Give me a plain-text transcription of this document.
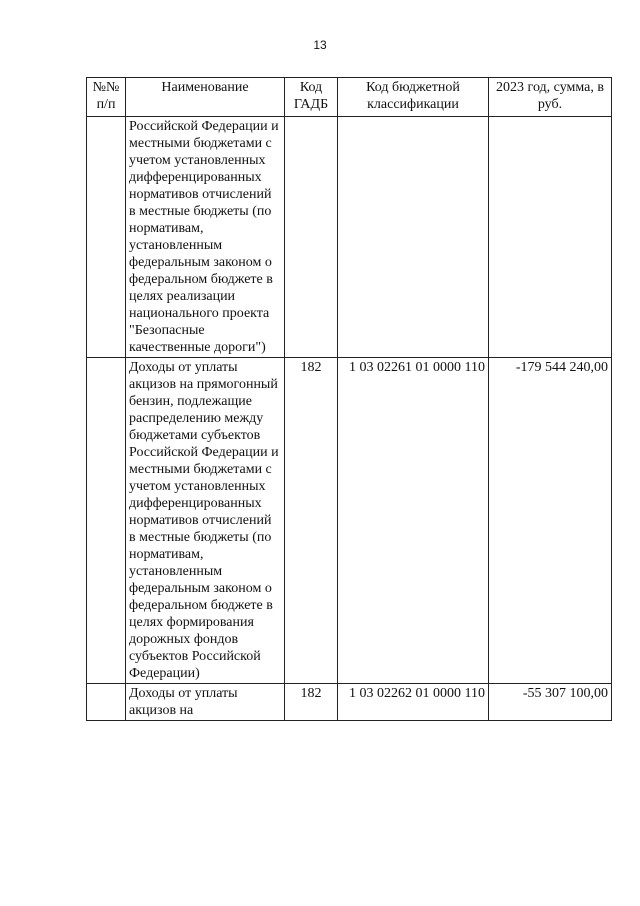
13
№№ п/п	Наименование	Код ГАДБ	Код бюджетной классификации	2023 год, сумма, в руб.
	Российской Федерации и местными бюджетами с учетом установленных дифференцированных нормативов отчислений в местные бюджеты (по нормативам, установленным федеральным законом о федеральном бюджете в целях реализации национального проекта "Безопасные качественные дороги")			
	Доходы от уплаты акцизов на прямогонный бензин, подлежащие распределению между бюджетами субъектов Российской Федерации и местными бюджетами с учетом установленных дифференцированных нормативов отчислений в местные бюджеты (по нормативам, установленным федеральным законом о федеральном бюджете в целях формирования дорожных фондов субъектов Российской Федерации)	182	1 03 02261 01 0000 110	-179 544 240,00
	Доходы от уплаты акцизов на	182	1 03 02262 01 0000 110	-55 307 100,00
